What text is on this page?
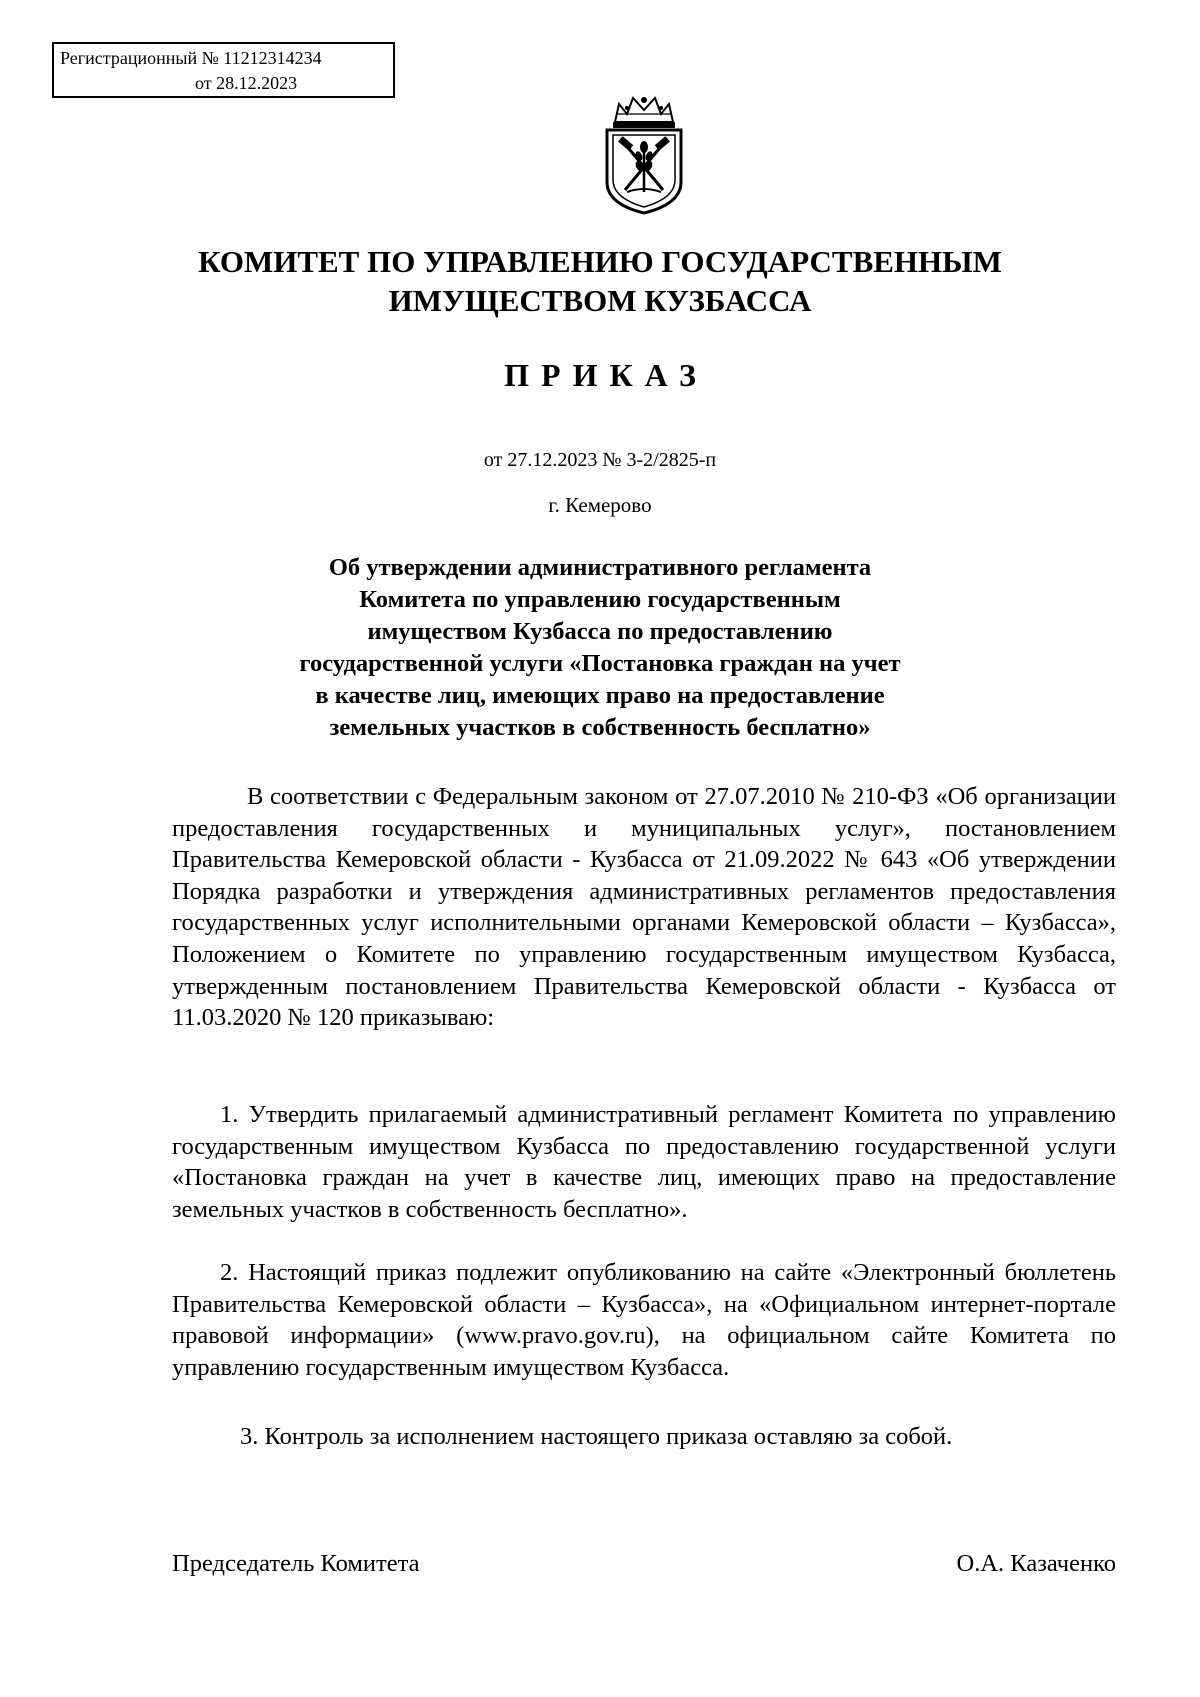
Регистрационный № 11212314234
от 28.12.2023
КОМИТЕТ ПО УПРАВЛЕНИЮ ГОСУДАРСТВЕННЫМ
ИМУЩЕСТВОМ КУЗБАССА
ПРИКАЗ
от 27.12.2023 № 3-2/2825-п
г. Кемерово
Об утверждении административного регламента
Комитета по управлению государственным
имуществом Кузбасса по предоставлению
государственной услуги «Постановка граждан на учет
в качестве лиц, имеющих право на предоставление
земельных участков в собственность бесплатно»

В соответствии с Федеральным законом от 27.07.2010 № 210-ФЗ «Об организации предоставления государственных и муниципальных услуг», постановлением Правительства Кемеровской области - Кузбасса от 21.09.2022 № 643 «Об утверждении Порядка разработки и утверждения административных регламентов предоставления государственных услуг исполнительными органами Кемеровской области – Кузбасса», Положением о Комитете по управлению государственным имуществом Кузбасса, утвержденным постановлением Правительства Кемеровской области - Кузбасса от 11.03.2020 № 120 приказываю:

1. Утвердить прилагаемый административный регламент Комитета по управлению государственным имуществом Кузбасса по предоставлению государственной услуги «Постановка граждан на учет в качестве лиц, имеющих право на предоставление земельных участков в собственность бесплатно».

2. Настоящий приказ подлежит опубликованию на сайте «Электронный бюллетень Правительства Кемеровской области – Кузбасса», на «Официальном интернет-портале правовой информации» (www.pravo.gov.ru), на официальном сайте Комитета по управлению государственным имуществом Кузбасса.

3. Контроль за исполнением настоящего приказа оставляю за собой.

Председатель Комитета	О.А. Казаченко
